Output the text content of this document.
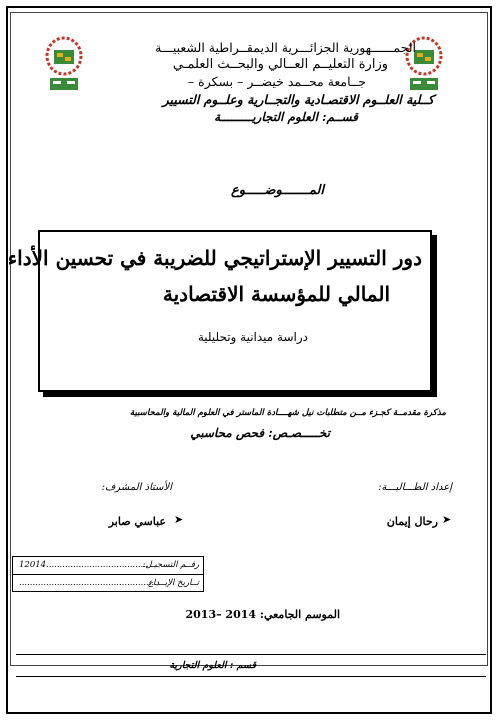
الجمــــــهورية الجزائـــرية الديمقــراطية الشعبيـــة
وزارة التعليــم العــالي والبحــث العلمـي
جــامعة محــمد خيضــر – بسكرة –
كــلية العلــوم الاقتصـادية والتجــارية وعلــوم التسيير
قســم: العلوم التجاريـــــــــة
المـــــــوضـــــوع
دور التسيير الإستراتيجي للضريبة في تحسين الأداء
المالي للمؤسسة الاقتصادية
دراسة ميدانية وتحليلية
مذكرة مقدمــة كجـزء مــن متطلبات نيل شهــــادة الماستر في العلوم المالية والمحاسبية
تخـــــصـص: فحص محاسبي
إعداد الطـــالبـــة:
الأستاذ المشرف:
➤
رحال إيمان
➤
عباسي صابر
رقــم التسجيـل:
12014.......................................
تــاريخ الإيــداع
...................................................
الموسم الجامعي: 2013– 2014
قسم : العلوم التجارية
